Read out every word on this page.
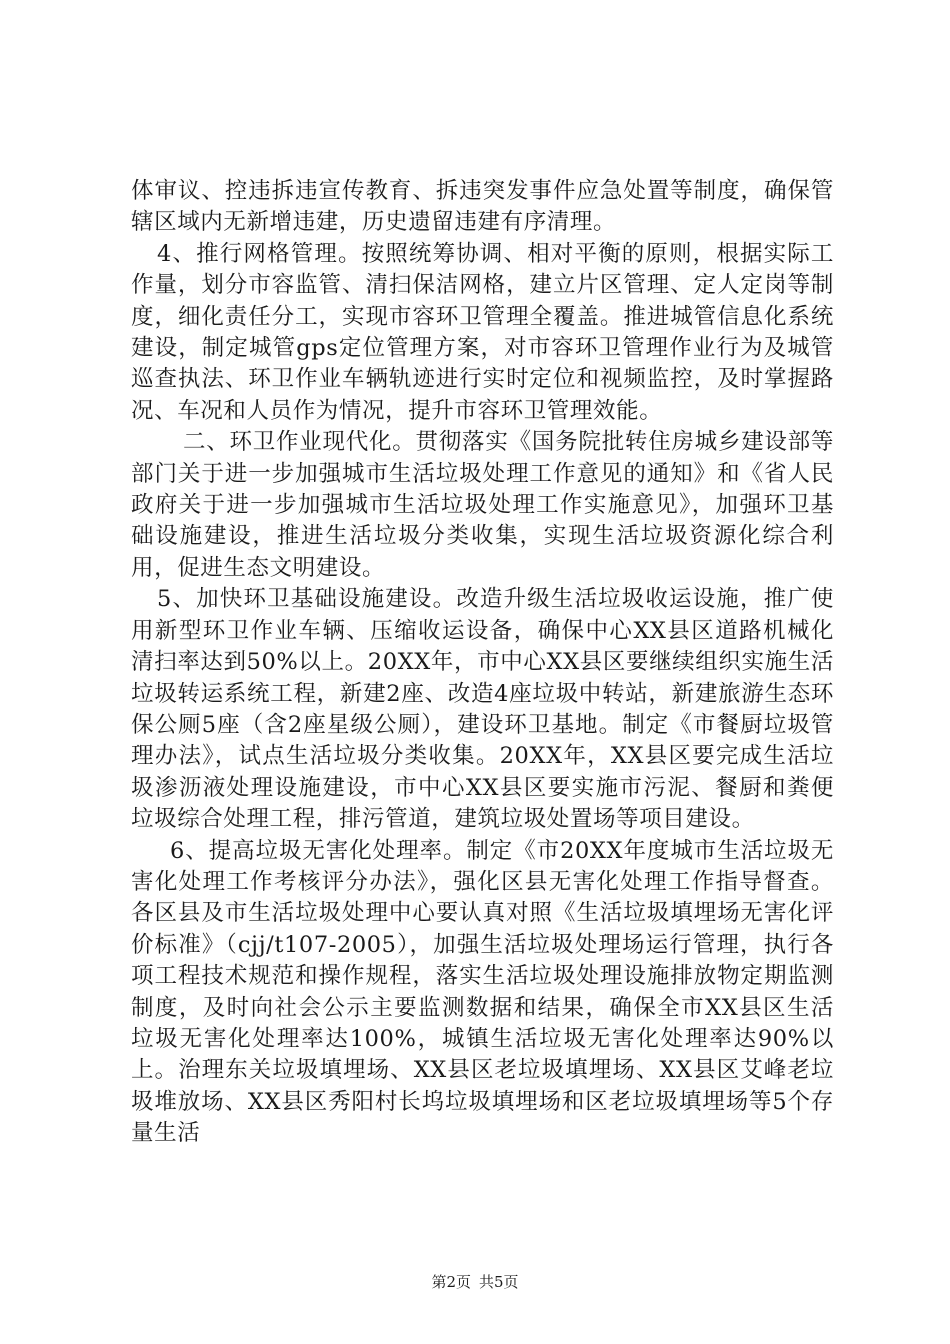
体审议、控违拆违宣传教育、拆违突发事件应急处置等制度，确保管辖区域内无新增违建，历史遗留违建有序清理。

4、推行网格管理。按照统筹协调、相对平衡的原则，根据实际工作量，划分市容监管、清扫保洁网格，建立片区管理、定人定岗等制度，细化责任分工，实现市容环卫管理全覆盖。推进城管信息化系统建设，制定城管gps定位管理方案，对市容环卫管理作业行为及城管巡查执法、环卫作业车辆轨迹进行实时定位和视频监控，及时掌握路况、车况和人员作为情况，提升市容环卫管理效能。

二、环卫作业现代化。贯彻落实《国务院批转住房城乡建设部等部门关于进一步加强城市生活垃圾处理工作意见的通知》和《省人民政府关于进一步加强城市生活垃圾处理工作实施意见》，加强环卫基础设施建设，推进生活垃圾分类收集，实现生活垃圾资源化综合利用，促进生态文明建设。

5、加快环卫基础设施建设。改造升级生活垃圾收运设施，推广使用新型环卫作业车辆、压缩收运设备，确保中心XX县区道路机械化清扫率达到50%以上。20XX年，市中心XX县区要继续组织实施生活垃圾转运系统工程，新建2座、改造4座垃圾中转站，新建旅游生态环保公厕5座（含2座星级公厕），建设环卫基地。制定《市餐厨垃圾管理办法》，试点生活垃圾分类收集。20XX年，XX县区要完成生活垃圾渗沥液处理设施建设，市中心XX县区要实施市污泥、餐厨和粪便垃圾综合处理工程，排污管道，建筑垃圾处置场等项目建设。

6、提高垃圾无害化处理率。制定《市20XX年度城市生活垃圾无害化处理工作考核评分办法》，强化区县无害化处理工作指导督查。各区县及市生活垃圾处理中心要认真对照《生活垃圾填埋场无害化评价标准》（cjj/t107-2005），加强生活垃圾处理场运行管理，执行各项工程技术规范和操作规程，落实生活垃圾处理设施排放物定期监测制度，及时向社会公示主要监测数据和结果，确保全市XX县区生活垃圾无害化处理率达100%，城镇生活垃圾无害化处理率达90%以上。治理东关垃圾填埋场、XX县区老垃圾填埋场、XX县区艾峰老垃圾堆放场、XX县区秀阳村长坞垃圾填埋场和区老垃圾填埋场等5个存量生活

第2页 共5页
